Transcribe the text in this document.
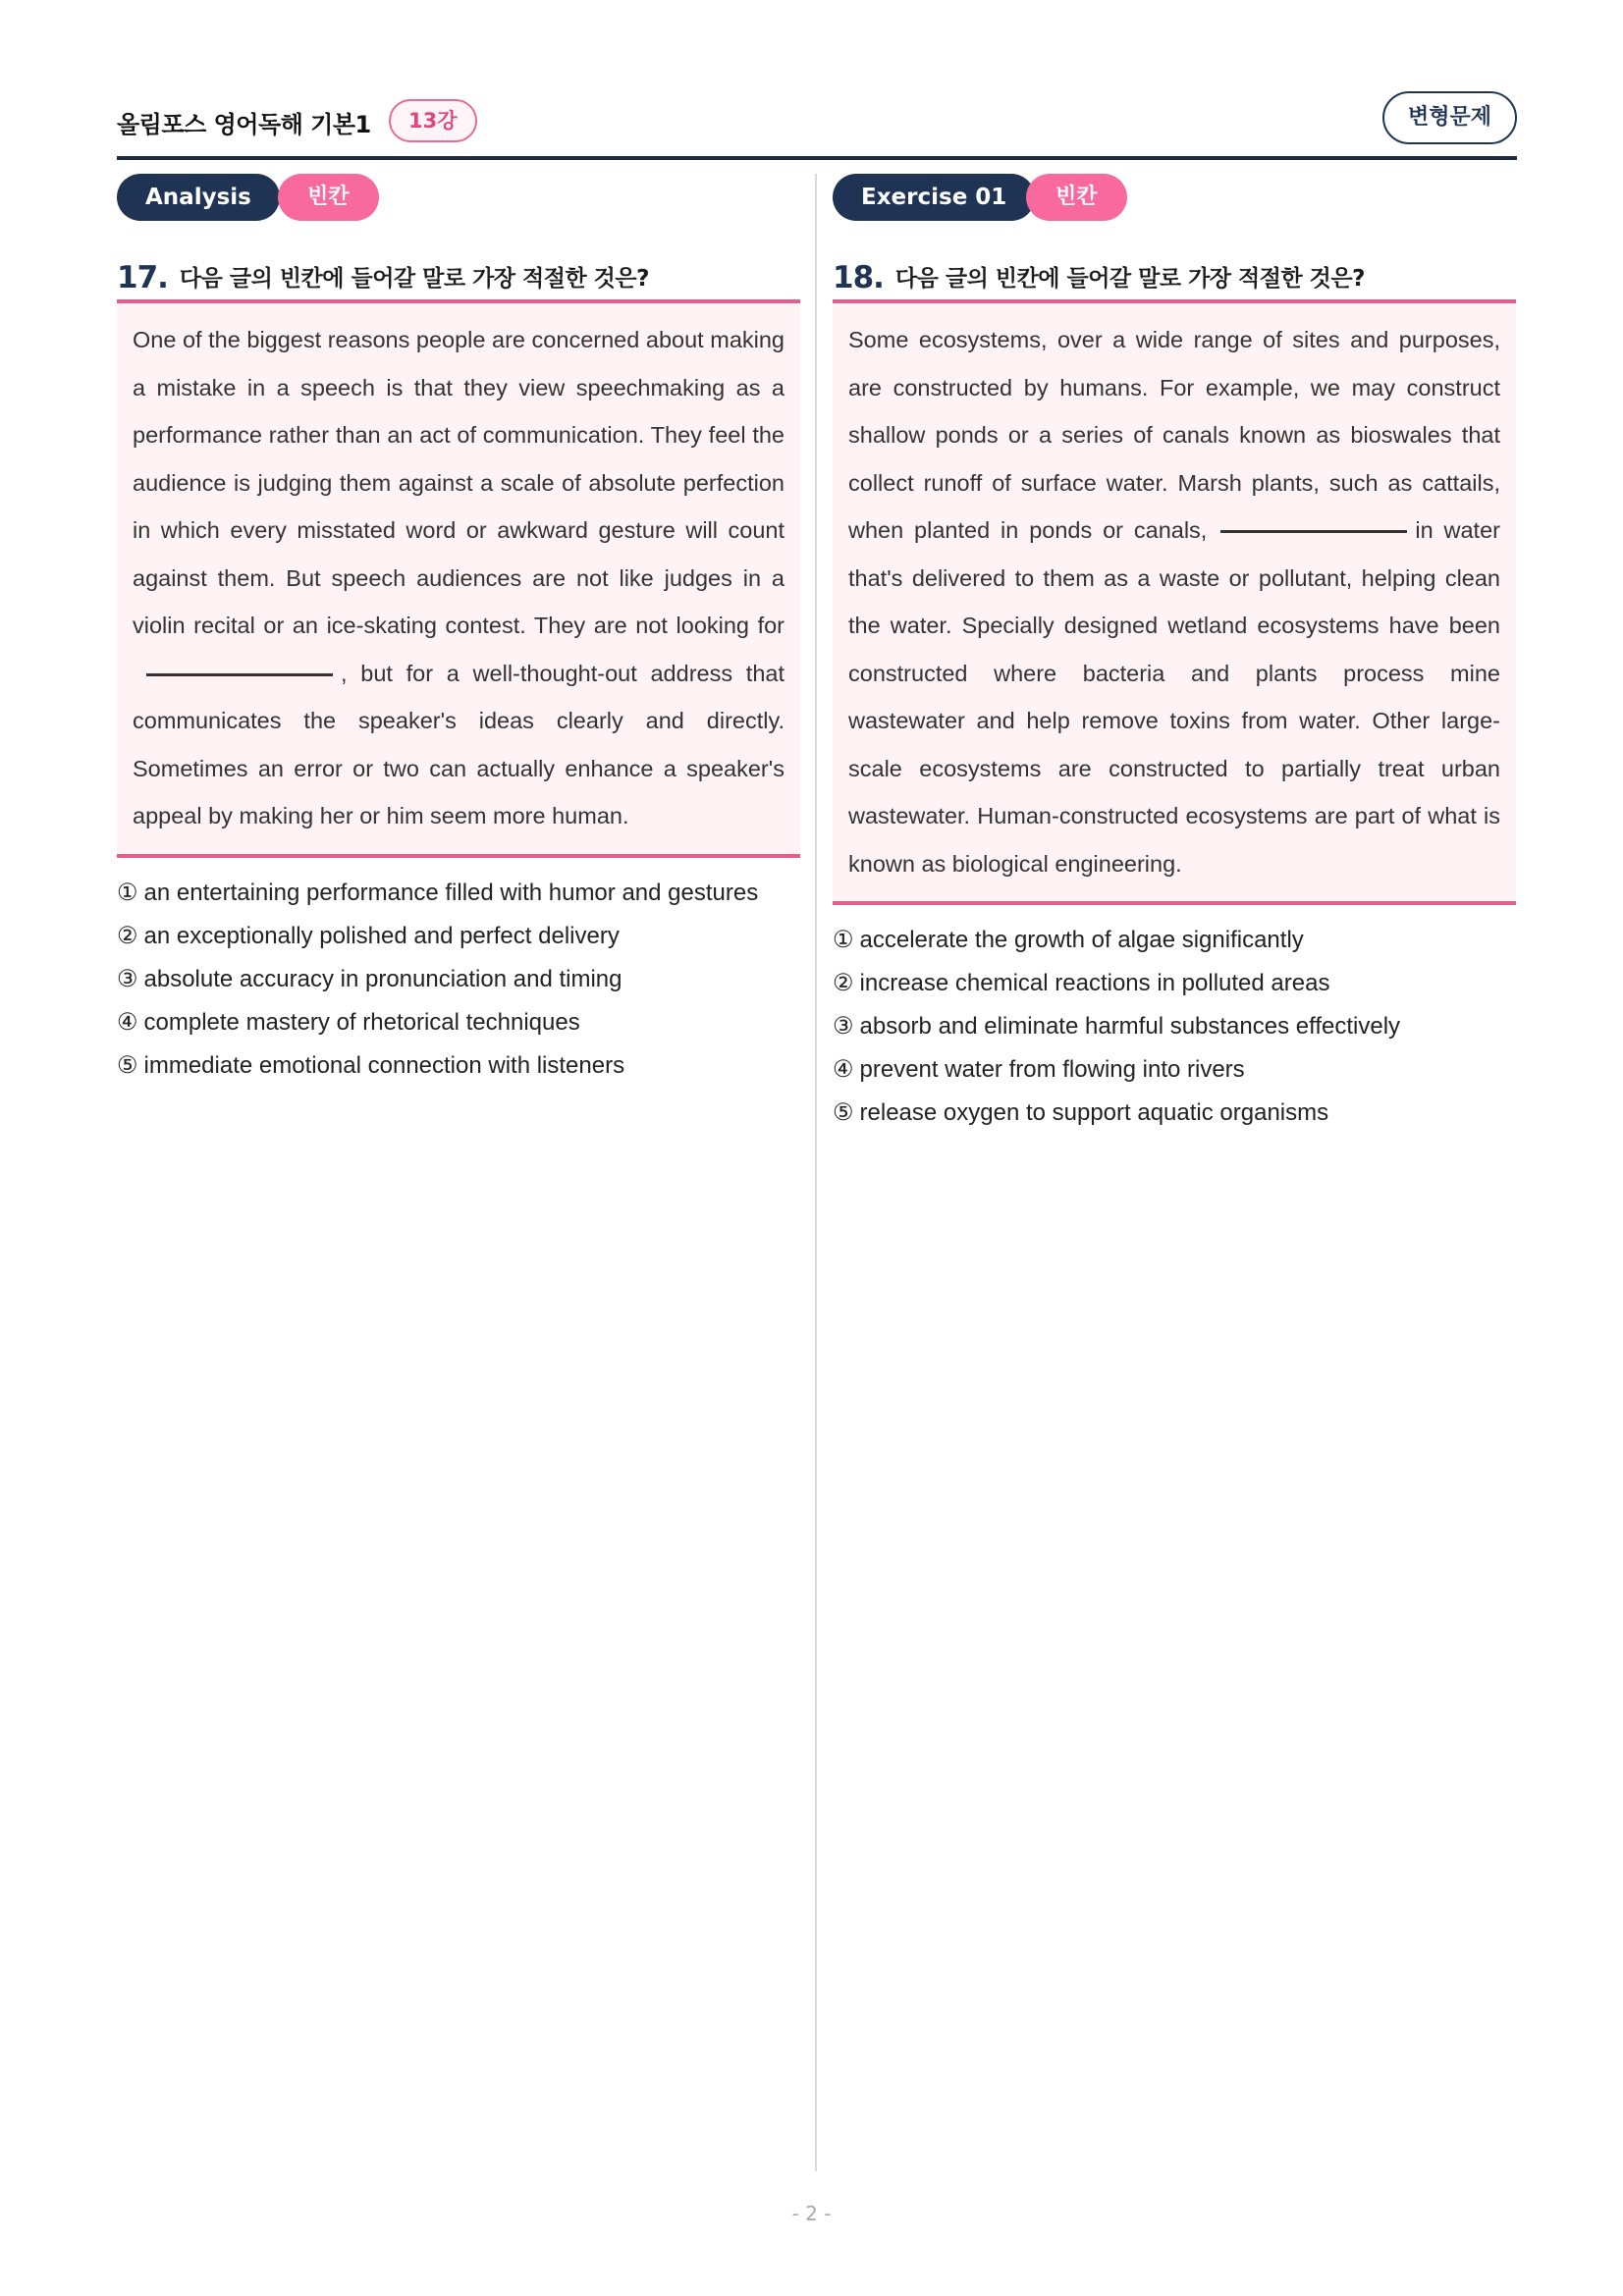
올림포스 영어독해 기본1	13강	변형문제
Analysis	빈칸
17. 다음 글의 빈칸에 들어갈 말로 가장 적절한 것은?
One of the biggest reasons people are concerned about making a mistake in a speech is that they view speechmaking as a performance rather than an act of communication. They feel the audience is judging them against a scale of absolute perfection in which every misstated word or awkward gesture will count against them. But speech audiences are not like judges in a violin recital or an ice-skating contest. They are not looking for, but for a well-thought-out address that communicates the speaker's ideas clearly and directly. Sometimes an error or two can actually enhance a speaker's appeal by making her or him seem more human.
① an entertaining performance filled with humor and gestures
② an exceptionally polished and perfect delivery
③ absolute accuracy in pronunciation and timing
④ complete mastery of rhetorical techniques
⑤ immediate emotional connection with listeners
Exercise 01	빈칸
18. 다음 글의 빈칸에 들어갈 말로 가장 적절한 것은?
Some ecosystems, over a wide range of sites and purposes, are constructed by humans. For example, we may construct shallow ponds or a series of canals known as bioswales that collect runoff of surface water. Marsh plants, such as cattails, when planted in ponds or canals,	in water that's delivered to them as a waste or pollutant, helping clean the water. Specially designed wetland ecosystems have been constructed where bacteria and plants process mine wastewater and help remove toxins from water. Other large-scale ecosystems are constructed to partially treat urban wastewater. Human-constructed ecosystems are part of what is known as biological engineering.
① accelerate the growth of algae significantly
② increase chemical reactions in polluted areas
③ absorb and eliminate harmful substances effectively
④ prevent water from flowing into rivers
⑤ release oxygen to support aquatic organisms
- 2 -
